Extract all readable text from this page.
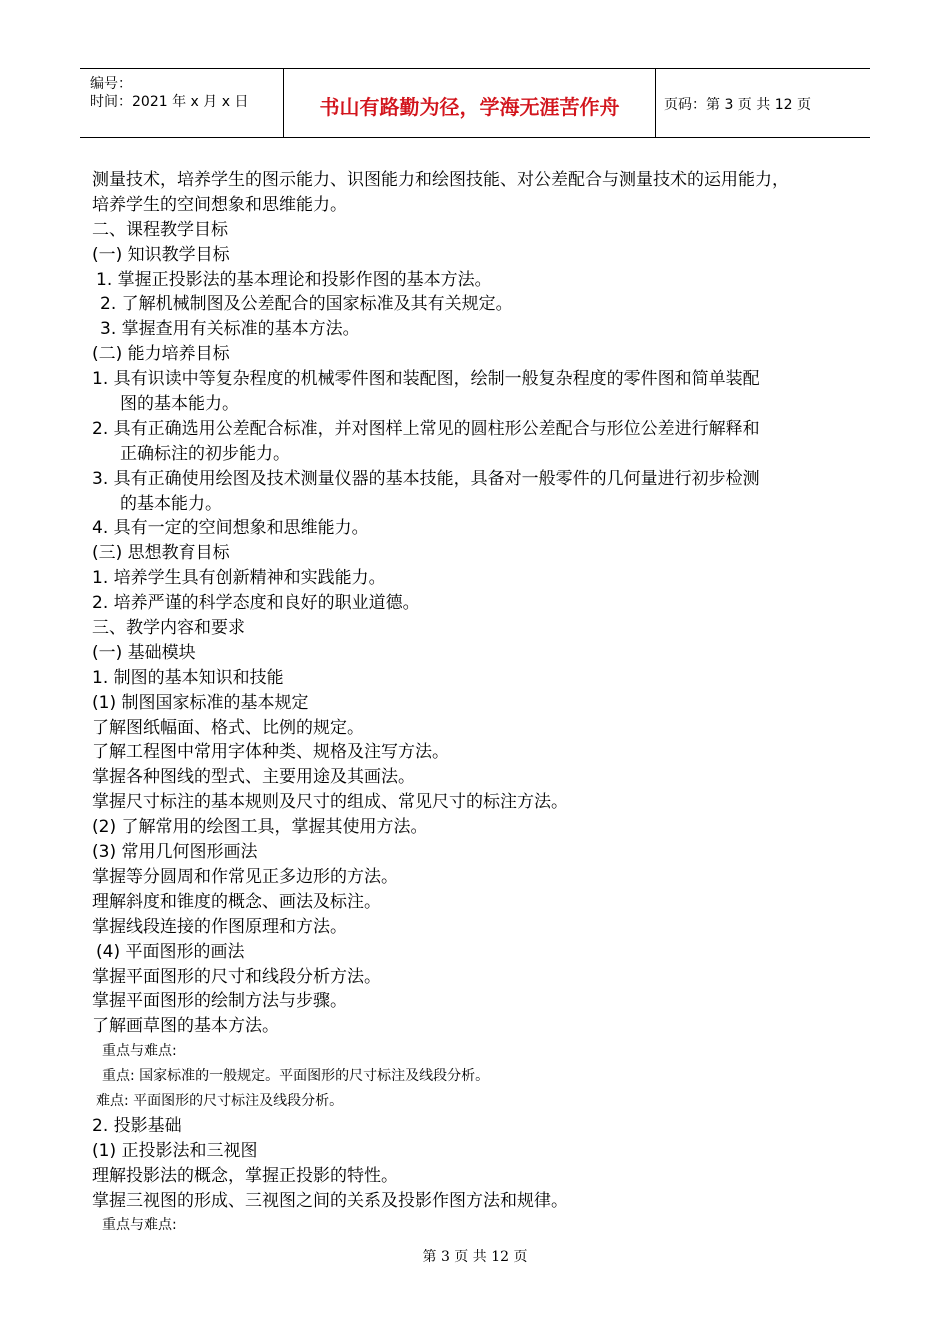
编号：
时间：2021 年 x 月 x 日	书山有路勤为径，学海无涯苦作舟	页码：第 3 页 共 12 页

测量技术，培养学生的图示能力、识图能力和绘图技能、对公差配合与测量技术的运用能力，

培养学生的空间想象和思维能力。

二、课程教学目标

(一) 知识教学目标

1. 掌握正投影法的基本理论和投影作图的基本方法。

2. 了解机械制图及公差配合的国家标准及其有关规定。

3. 掌握查用有关标准的基本方法。

(二) 能力培养目标

1. 具有识读中等复杂程度的机械零件图和装配图，绘制一般复杂程度的零件图和简单装配

图的基本能力。

2. 具有正确选用公差配合标准，并对图样上常见的圆柱形公差配合与形位公差进行解释和

正确标注的初步能力。

3. 具有正确使用绘图及技术测量仪器的基本技能，具备对一般零件的几何量进行初步检测

的基本能力。

4. 具有一定的空间想象和思维能力。

(三) 思想教育目标

1. 培养学生具有创新精神和实践能力。

2. 培养严谨的科学态度和良好的职业道德。

三、教学内容和要求

(一) 基础模块

1. 制图的基本知识和技能

(1) 制图国家标准的基本规定

了解图纸幅面、格式、比例的规定。

了解工程图中常用字体种类、规格及注写方法。

掌握各种图线的型式、主要用途及其画法。

掌握尺寸标注的基本规则及尺寸的组成、常见尺寸的标注方法。

(2) 了解常用的绘图工具，掌握其使用方法。

(3) 常用几何图形画法

掌握等分圆周和作常见正多边形的方法。

理解斜度和锥度的概念、画法及标注。

掌握线段连接的作图原理和方法。

(4) 平面图形的画法

掌握平面图形的尺寸和线段分析方法。

掌握平面图形的绘制方法与步骤。

了解画草图的基本方法。

重点与难点:

重点: 国家标准的一般规定。平面图形的尺寸标注及线段分析。

难点: 平面图形的尺寸标注及线段分析。

2. 投影基础

(1) 正投影法和三视图

理解投影法的概念，掌握正投影的特性。

掌握三视图的形成、三视图之间的关系及投影作图方法和规律。

重点与难点:

第 3 页 共 12 页
